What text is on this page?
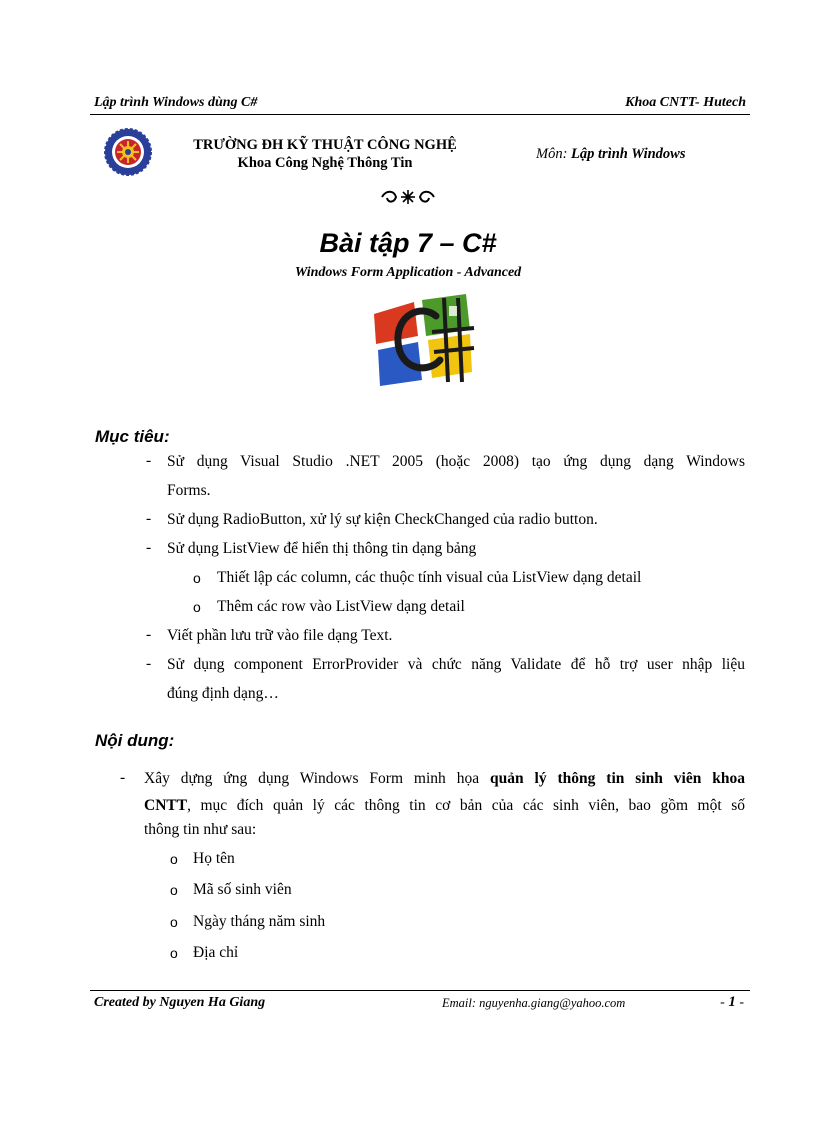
Lập trình Windows dùng C#	Khoa CNTT- Hutech
TRƯỜNG ĐH KỸ THUẬT CÔNG NGHỆ
Khoa Công Nghệ Thông Tin
Môn: Lập trình Windows
Bài tập 7 – C#
Windows Form Application - Advanced
Mục tiêu:
- Sử dụng Visual Studio .NET 2005 (hoặc 2008) tạo ứng dụng dạng Windows
Forms.
- Sử dụng RadioButton, xử lý sự kiện CheckChanged của radio button.
- Sử dụng ListView để hiển thị thông tin dạng bảng
o Thiết lập các column, các thuộc tính visual của ListView dạng detail
o Thêm các row vào ListView dạng detail
- Viết phần lưu trữ vào file dạng Text.
- Sử dụng component ErrorProvider và chức năng Validate để hỗ trợ user nhập liệu
đúng định dạng…
Nội dung:
- Xây dựng ứng dụng Windows Form minh họa quản lý thông tin sinh viên khoa
CNTT, mục đích quản lý các thông tin cơ bản của các sinh viên, bao gồm một số
thông tin như sau:
o Họ tên
o Mã số sinh viên
o Ngày tháng năm sinh
o Địa chỉ
Created by Nguyen Ha Giang	Email: nguyenha.giang@yahoo.com	- 1 -
